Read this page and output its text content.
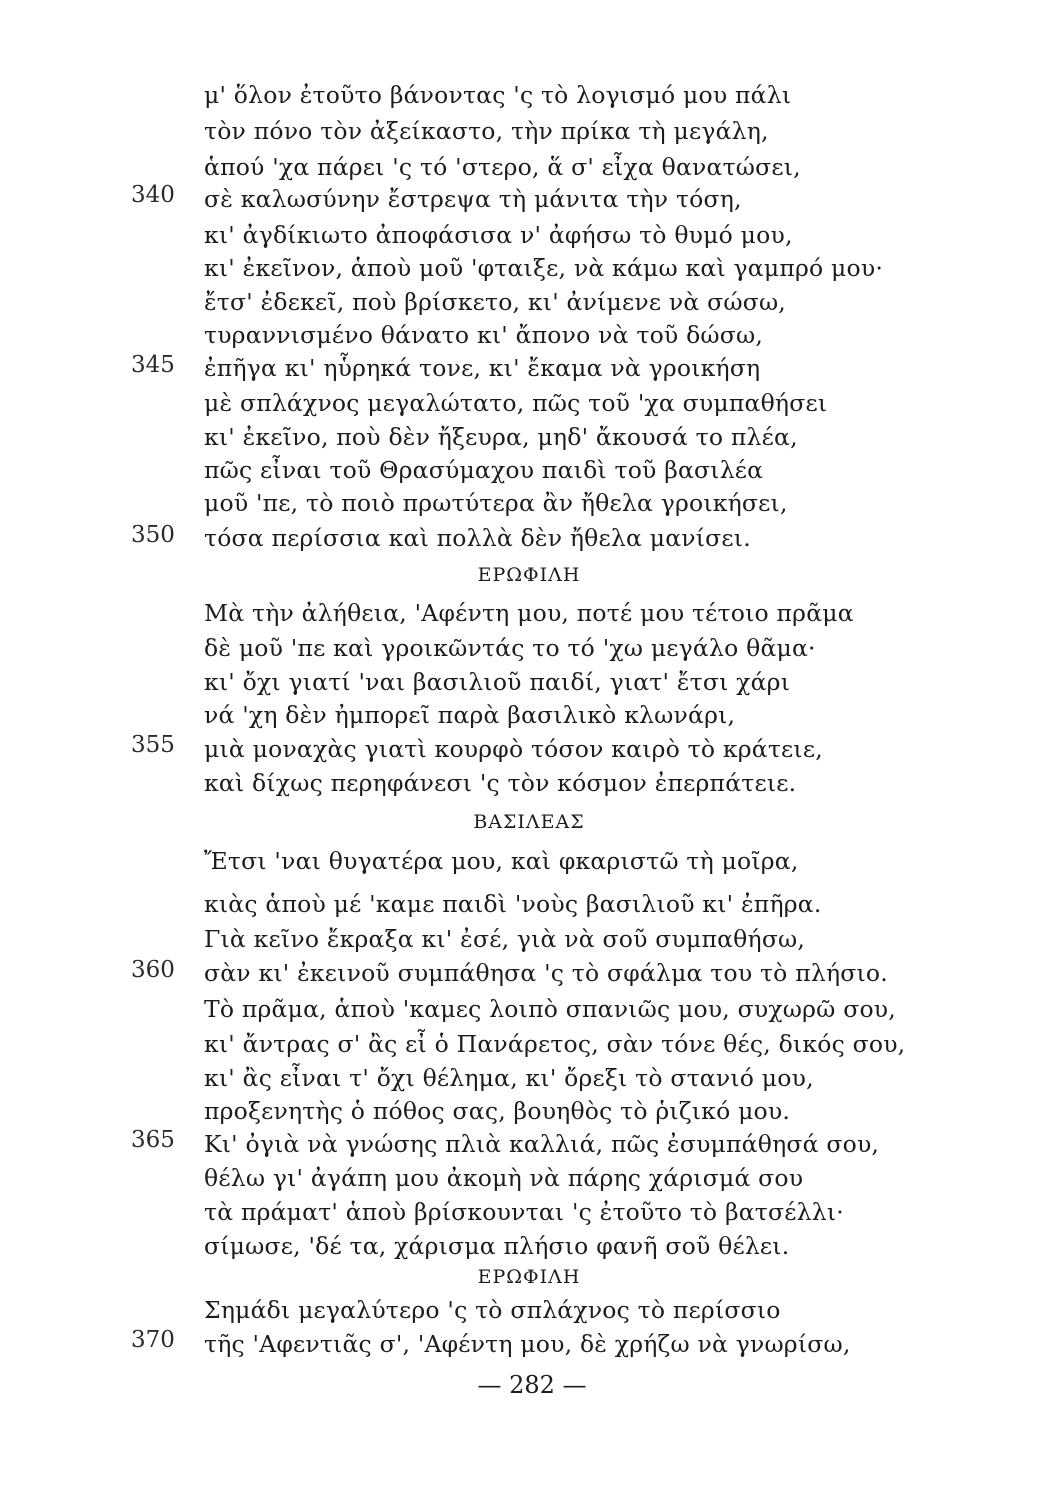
μ' ὅλον ἐτοῦτο βάνοντας 'ς τὸ λογισμό μου πάλι
τὸν πόνο τὸν ἀξείκαστο, τὴν πρίκα τὴ μεγάλη,
ἁπού 'χα πάρει 'ς τό 'στερο, ἅ σ' εἶχα θανατώσει,
340 σὲ καλωσύνην ἔστρεψα τὴ μάνιτα τὴν τόση,
κι' ἀγδίκιωτο ἀποφάσισα ν' ἀφήσω τὸ θυμό μου,
κι' ἐκεῖνον, ἁποὺ μοῦ 'φταιξε, νὰ κάμω καὶ γαμπρό μου·
ἔτσ' ἐδεκεῖ, ποὺ βρίσκετο, κι' ἀνίμενε νὰ σώσω,
τυραννισμένο θάνατο κι' ἄπονο νὰ τοῦ δώσω,
345 ἐπῆγα κι' ηὗρηκά τονε, κι' ἔκαμα νὰ γροικήση
μὲ σπλάχνος μεγαλώτατο, πῶς τοῦ 'χα συμπαθήσει
κι' ἐκεῖνο, ποὺ δὲν ἤξευρα, μηδ' ἄκουσά το πλέα,
πῶς εἶναι τοῦ Θρασύμαχου παιδὶ τοῦ βασιλέα
μοῦ 'πε, τὸ ποιὸ πρωτύτερα ἂν ἤθελα γροικήσει,
350 τόσα περίσσια καὶ πολλὰ δὲν ἤθελα μανίσει.
ΕΡΩΦΙΛΗ
Μὰ τὴν ἀλήθεια, 'Αφέντη μου, ποτέ μου τέτοιο πρᾶμα
δὲ μοῦ 'πε καὶ γροικῶντάς το τό 'χω μεγάλο θᾶμα·
κι' ὄχι γιατί 'ναι βασιλιοῦ παιδί, γιατ' ἔτσι χάρι
νά 'χη δὲν ἠμπορεῖ παρὰ βασιλικὸ κλωνάρι,
355 μιὰ μοναχὰς γιατὶ κουρφὸ τόσον καιρὸ τὸ κράτειε,
καὶ δίχως περηφάνεσι 'ς τὸν κόσμον ἐπερπάτειε.
ΒΑΣΙΛΕΑΣ
Ἔτσι 'ναι θυγατέρα μου, καὶ φκαριστῶ τὴ μοῖρα,
κιὰς ἁποὺ μέ 'καμε παιδὶ 'νοὺς βασιλιοῦ κι' ἐπῆρα.
Γιὰ κεῖνο ἔκραξα κι' ἐσέ, γιὰ νὰ σοῦ συμπαθήσω,
360 σὰν κι' ἐκεινοῦ συμπάθησα 'ς τὸ σφάλμα του τὸ πλήσιο.
Τὸ πρᾶμα, ἁποὺ 'καμες λοιπὸ σπανιῶς μου, συχωρῶ σου,
κι' ἄντρας σ' ἂς εἶ ὁ Πανάρετος, σὰν τόνε θές, δικός σου,
κι' ἂς εἶναι τ' ὄχι θέλημα, κι' ὄρεξι τὸ στανιό μου,
προξενητὴς ὁ πόθος σας, βουηθὸς τὸ ῥιζικό μου.
365 Κι' ὀγιὰ νὰ γνώσης πλιὰ καλλιά, πῶς ἐσυμπάθησά σου,
θέλω γι' ἀγάπη μου ἀκομὴ νὰ πάρης χάρισμά σου
τὰ πράματ' ἁποὺ βρίσκουνται 'ς ἐτοῦτο τὸ βατσέλλι·
σίμωσε, 'δέ τα, χάρισμα πλήσιο φανῆ σοῦ θέλει.
ΕΡΩΦΙΛΗ
Σημάδι μεγαλύτερο 'ς τὸ σπλάχνος τὸ περίσσιο
370 τῆς 'Αφεντιᾶς σ', 'Αφέντη μου, δὲ χρήζω νὰ γνωρίσω,
— 282 —
